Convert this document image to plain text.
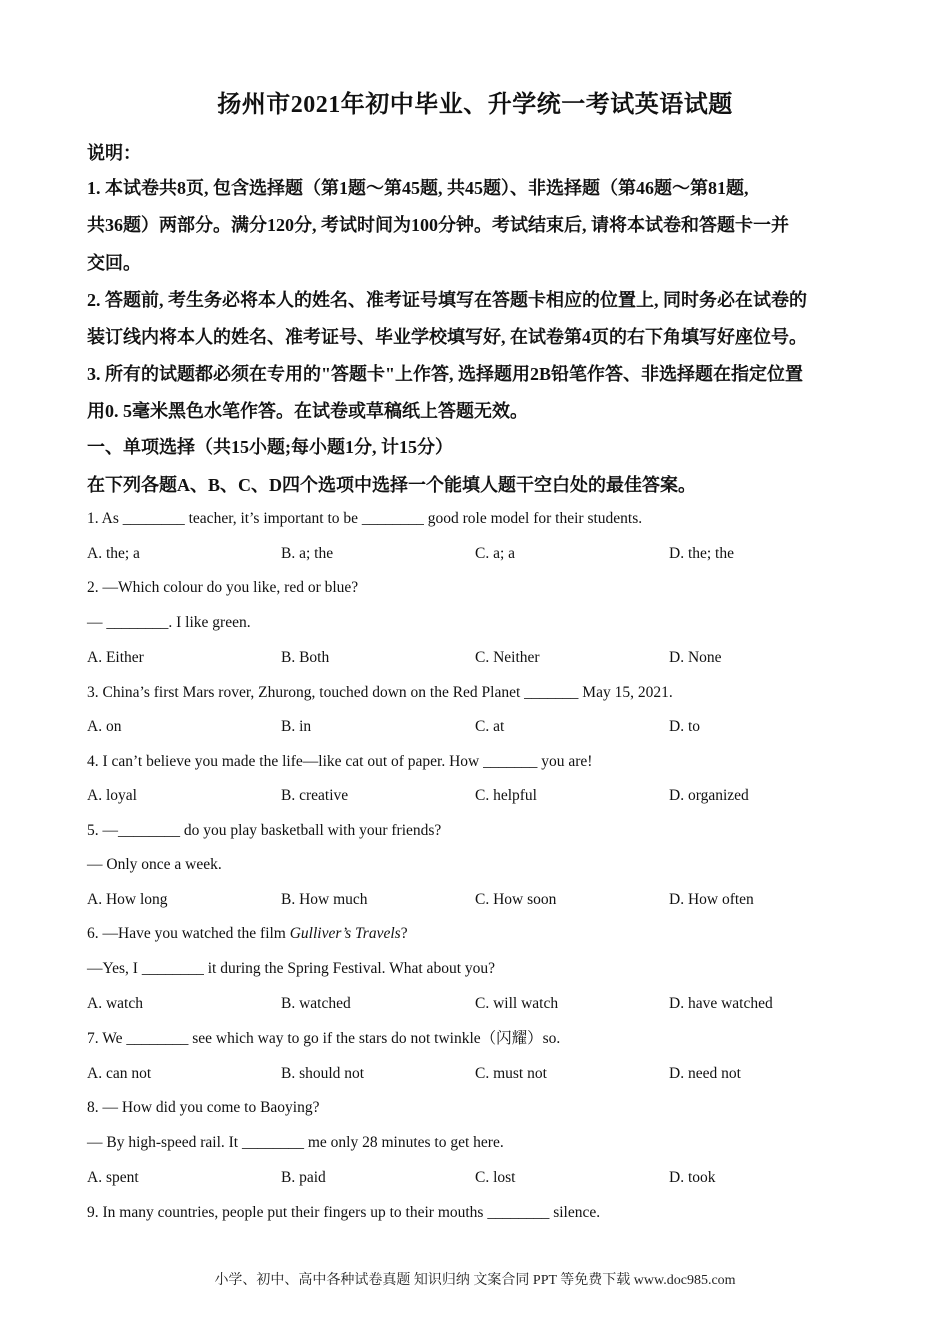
扬州市2021年初中毕业、升学统一考试英语试题
说明：
1. 本试卷共8页, 包含选择题（第1题～第45题, 共45题）、非选择题（第46题～第81题,
共36题）两部分。满分120分, 考试时间为100分钟。考试结束后, 请将本试卷和答题卡一并
交回。
2. 答题前, 考生务必将本人的姓名、准考证号填写在答题卡相应的位置上, 同时务必在试卷的
装订线内将本人的姓名、准考证号、毕业学校填写好, 在试卷第4页的右下角填写好座位号。
3. 所有的试题都必须在专用的"答题卡"上作答, 选择题用2B铅笔作答、非选择题在指定位置
用0. 5毫米黑色水笔作答。在试卷或草稿纸上答题无效。
一、单项选择（共15小题;每小题1分, 计15分）
在下列各题A、B、C、D四个选项中选择一个能填人题干空白处的最佳答案。
1. As ________ teacher, it’s important to be ________ good role model for their students.
A. the; a	B. a; the	C. a; a	D. the; the
2. —Which colour do you like, red or blue?
— ________. I like green.
A. Either	B. Both	C. Neither	D. None
3. China’s first Mars rover, Zhurong, touched down on the Red Planet _______ May 15, 2021.
A. on	B. in	C. at	D. to
4. I can’t believe you made the life—like cat out of paper. How _______ you are!
A. loyal	B. creative	C. helpful	D. organized
5. —________ do you play basketball with your friends?
— Only once a week.
A. How long	B. How much	C. How soon	D. How often
6. —Have you watched the film Gulliver’s Travels?
—Yes, I ________ it during the Spring Festival. What about you?
A. watch	B. watched	C. will watch	D. have watched
7. We ________ see which way to go if the stars do not twinkle（闪耀）so.
A. can not	B. should not	C. must not	D. need not
8. — How did you come to Baoying?
— By high-speed rail. It ________ me only 28 minutes to get here.
A. spent	B. paid	C. lost	D. took
9. In many countries, people put their fingers up to their mouths ________ silence.
小学、初中、高中各种试卷真题 知识归纳 文案合同 PPT 等免费下载 www.doc985.com
